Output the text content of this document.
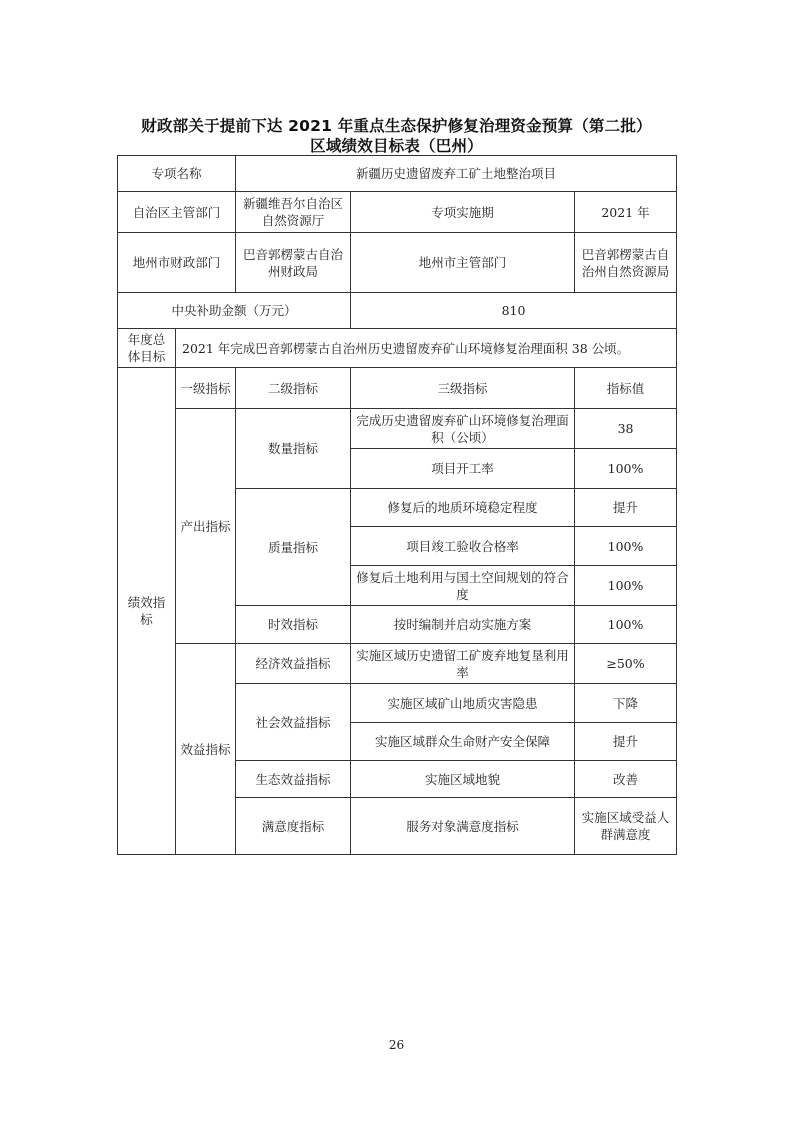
财政部关于提前下达 2021 年重点生态保护修复治理资金预算（第二批）
区域绩效目标表（巴州）
专项名称		新疆历史遗留废弃工矿土地整治项目			
自治区主管部门		新疆维吾尔自治区自然资源厅	专项实施期	2021 年	
地州市财政部门		巴音郭楞蒙古自治州财政局	地州市主管部门	巴音郭楞蒙古自治州自然资源局	
中央补助金额（万元）			810		
年度总体目标	2021 年完成巴音郭楞蒙古自治州历史遗留废弃矿山环境修复治理面积 38 公顷。				
绩效指标	一级指标	二级指标	三级指标	指标值	
	产出指标	数量指标	完成历史遗留废弃矿山环境修复治理面积（公顷）	38	
			项目开工率	100%	
		质量指标	修复后的地质环境稳定程度	提升	
			项目竣工验收合格率	100%	
			修复后土地利用与国土空间规划的符合度	100%	
		时效指标	按时编制并启动实施方案	100%	
	效益指标	经济效益指标	实施区域历史遗留工矿废弃地复垦利用率	≥50%	
		社会效益指标	实施区域矿山地质灾害隐患	下降	
			实施区域群众生命财产安全保障	提升	
		生态效益指标	实施区域地貌	改善	
		满意度指标	服务对象满意度指标	实施区域受益人群满意度	
26
